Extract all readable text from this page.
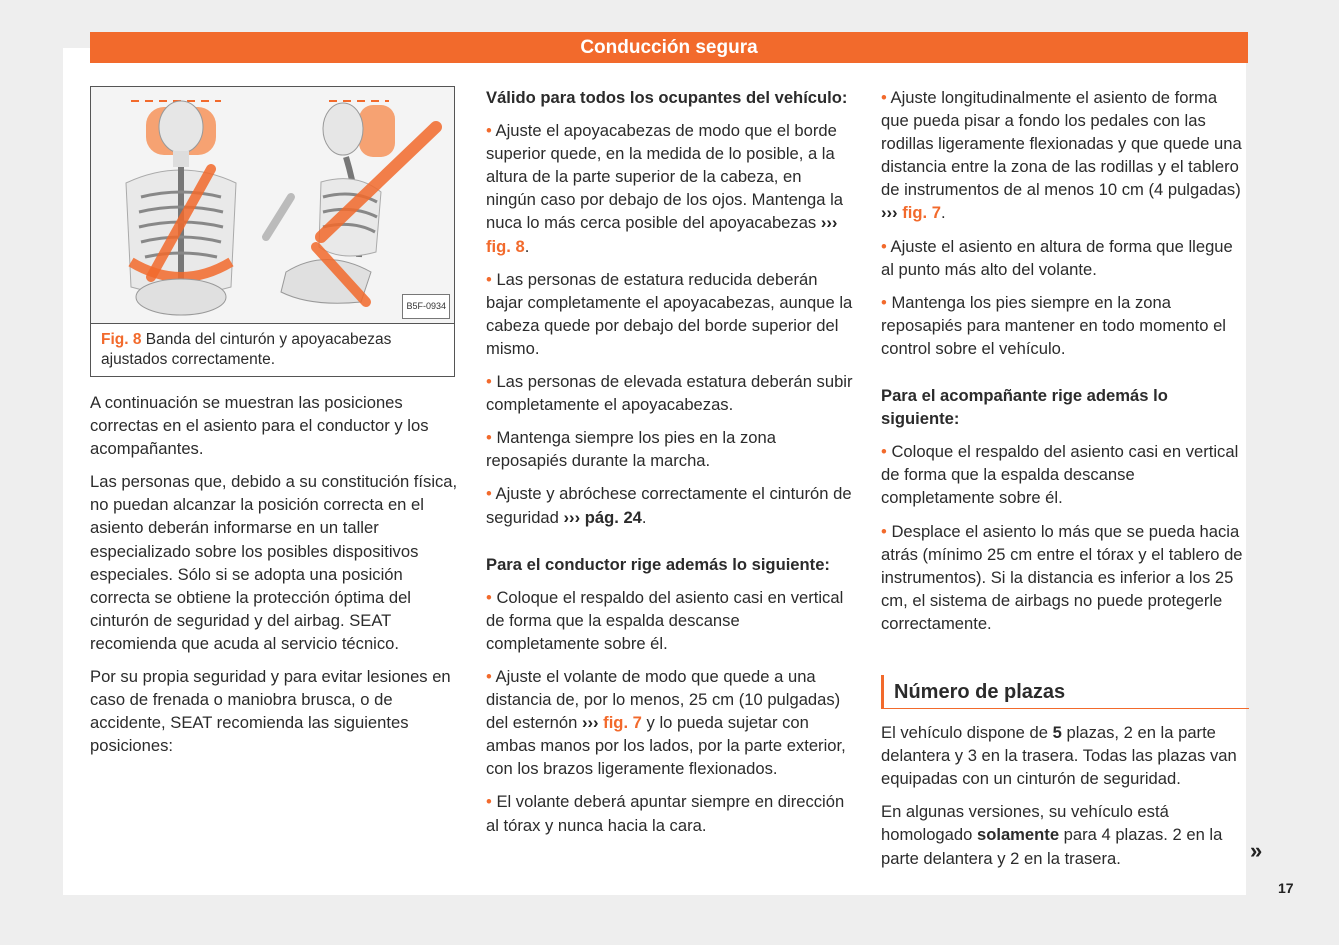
Conducción segura
B5F-0934
Fig. 8 Banda del cinturón y apoyacabezas ajustados correctamente.

A continuación se muestran las posiciones correctas en el asiento para el conductor y los acompañantes.

Las personas que, debido a su constitución física, no puedan alcanzar la posición correcta en el asiento deberán informarse en un taller especializado sobre los posibles dispositivos especiales. Sólo si se adopta una posición correcta se obtiene la protección óptima del cinturón de seguridad y del airbag. SEAT recomienda que acuda al servicio técnico.

Por su propia seguridad y para evitar lesiones en caso de frenada o maniobra brusca, o de accidente, SEAT recomienda las siguientes posiciones:

Válido para todos los ocupantes del vehículo:

• Ajuste el apoyacabezas de modo que el borde superior quede, en la medida de lo posible, a la altura de la parte superior de la cabeza, en ningún caso por debajo de los ojos. Mantenga la nuca lo más cerca posible del apoyacabezas ››› fig. 8.

• Las personas de estatura reducida deberán bajar completamente el apoyacabezas, aunque la cabeza quede por debajo del borde superior del mismo.

• Las personas de elevada estatura deberán subir completamente el apoyacabezas.

• Mantenga siempre los pies en la zona reposapiés durante la marcha.

• Ajuste y abróchese correctamente el cinturón de seguridad ››› pág. 24.

Para el conductor rige además lo siguiente:

• Coloque el respaldo del asiento casi en vertical de forma que la espalda descanse completamente sobre él.

• Ajuste el volante de modo que quede a una distancia de, por lo menos, 25 cm (10 pulgadas) del esternón ››› fig. 7 y lo pueda sujetar con ambas manos por los lados, por la parte exterior, con los brazos ligeramente flexionados.

• El volante deberá apuntar siempre en dirección al tórax y nunca hacia la cara.

• Ajuste longitudinalmente el asiento de forma que pueda pisar a fondo los pedales con las rodillas ligeramente flexionadas y que quede una distancia entre la zona de las rodillas y el tablero de instrumentos de al menos 10 cm (4 pulgadas) ››› fig. 7.

• Ajuste el asiento en altura de forma que llegue al punto más alto del volante.

• Mantenga los pies siempre en la zona reposapiés para mantener en todo momento el control sobre el vehículo.

Para el acompañante rige además lo siguiente:

• Coloque el respaldo del asiento casi en vertical de forma que la espalda descanse completamente sobre él.

• Desplace el asiento lo más que se pueda hacia atrás (mínimo 25 cm entre el tórax y el tablero de instrumentos). Si la distancia es inferior a los 25 cm, el sistema de airbags no puede protegerle correctamente.

Número de plazas

El vehículo dispone de 5 plazas, 2 en la parte delantera y 3 en la trasera. Todas las plazas van equipadas con un cinturón de seguridad.

En algunas versiones, su vehículo está homologado solamente para 4 plazas. 2 en la parte delantera y 2 en la trasera.	»
17
